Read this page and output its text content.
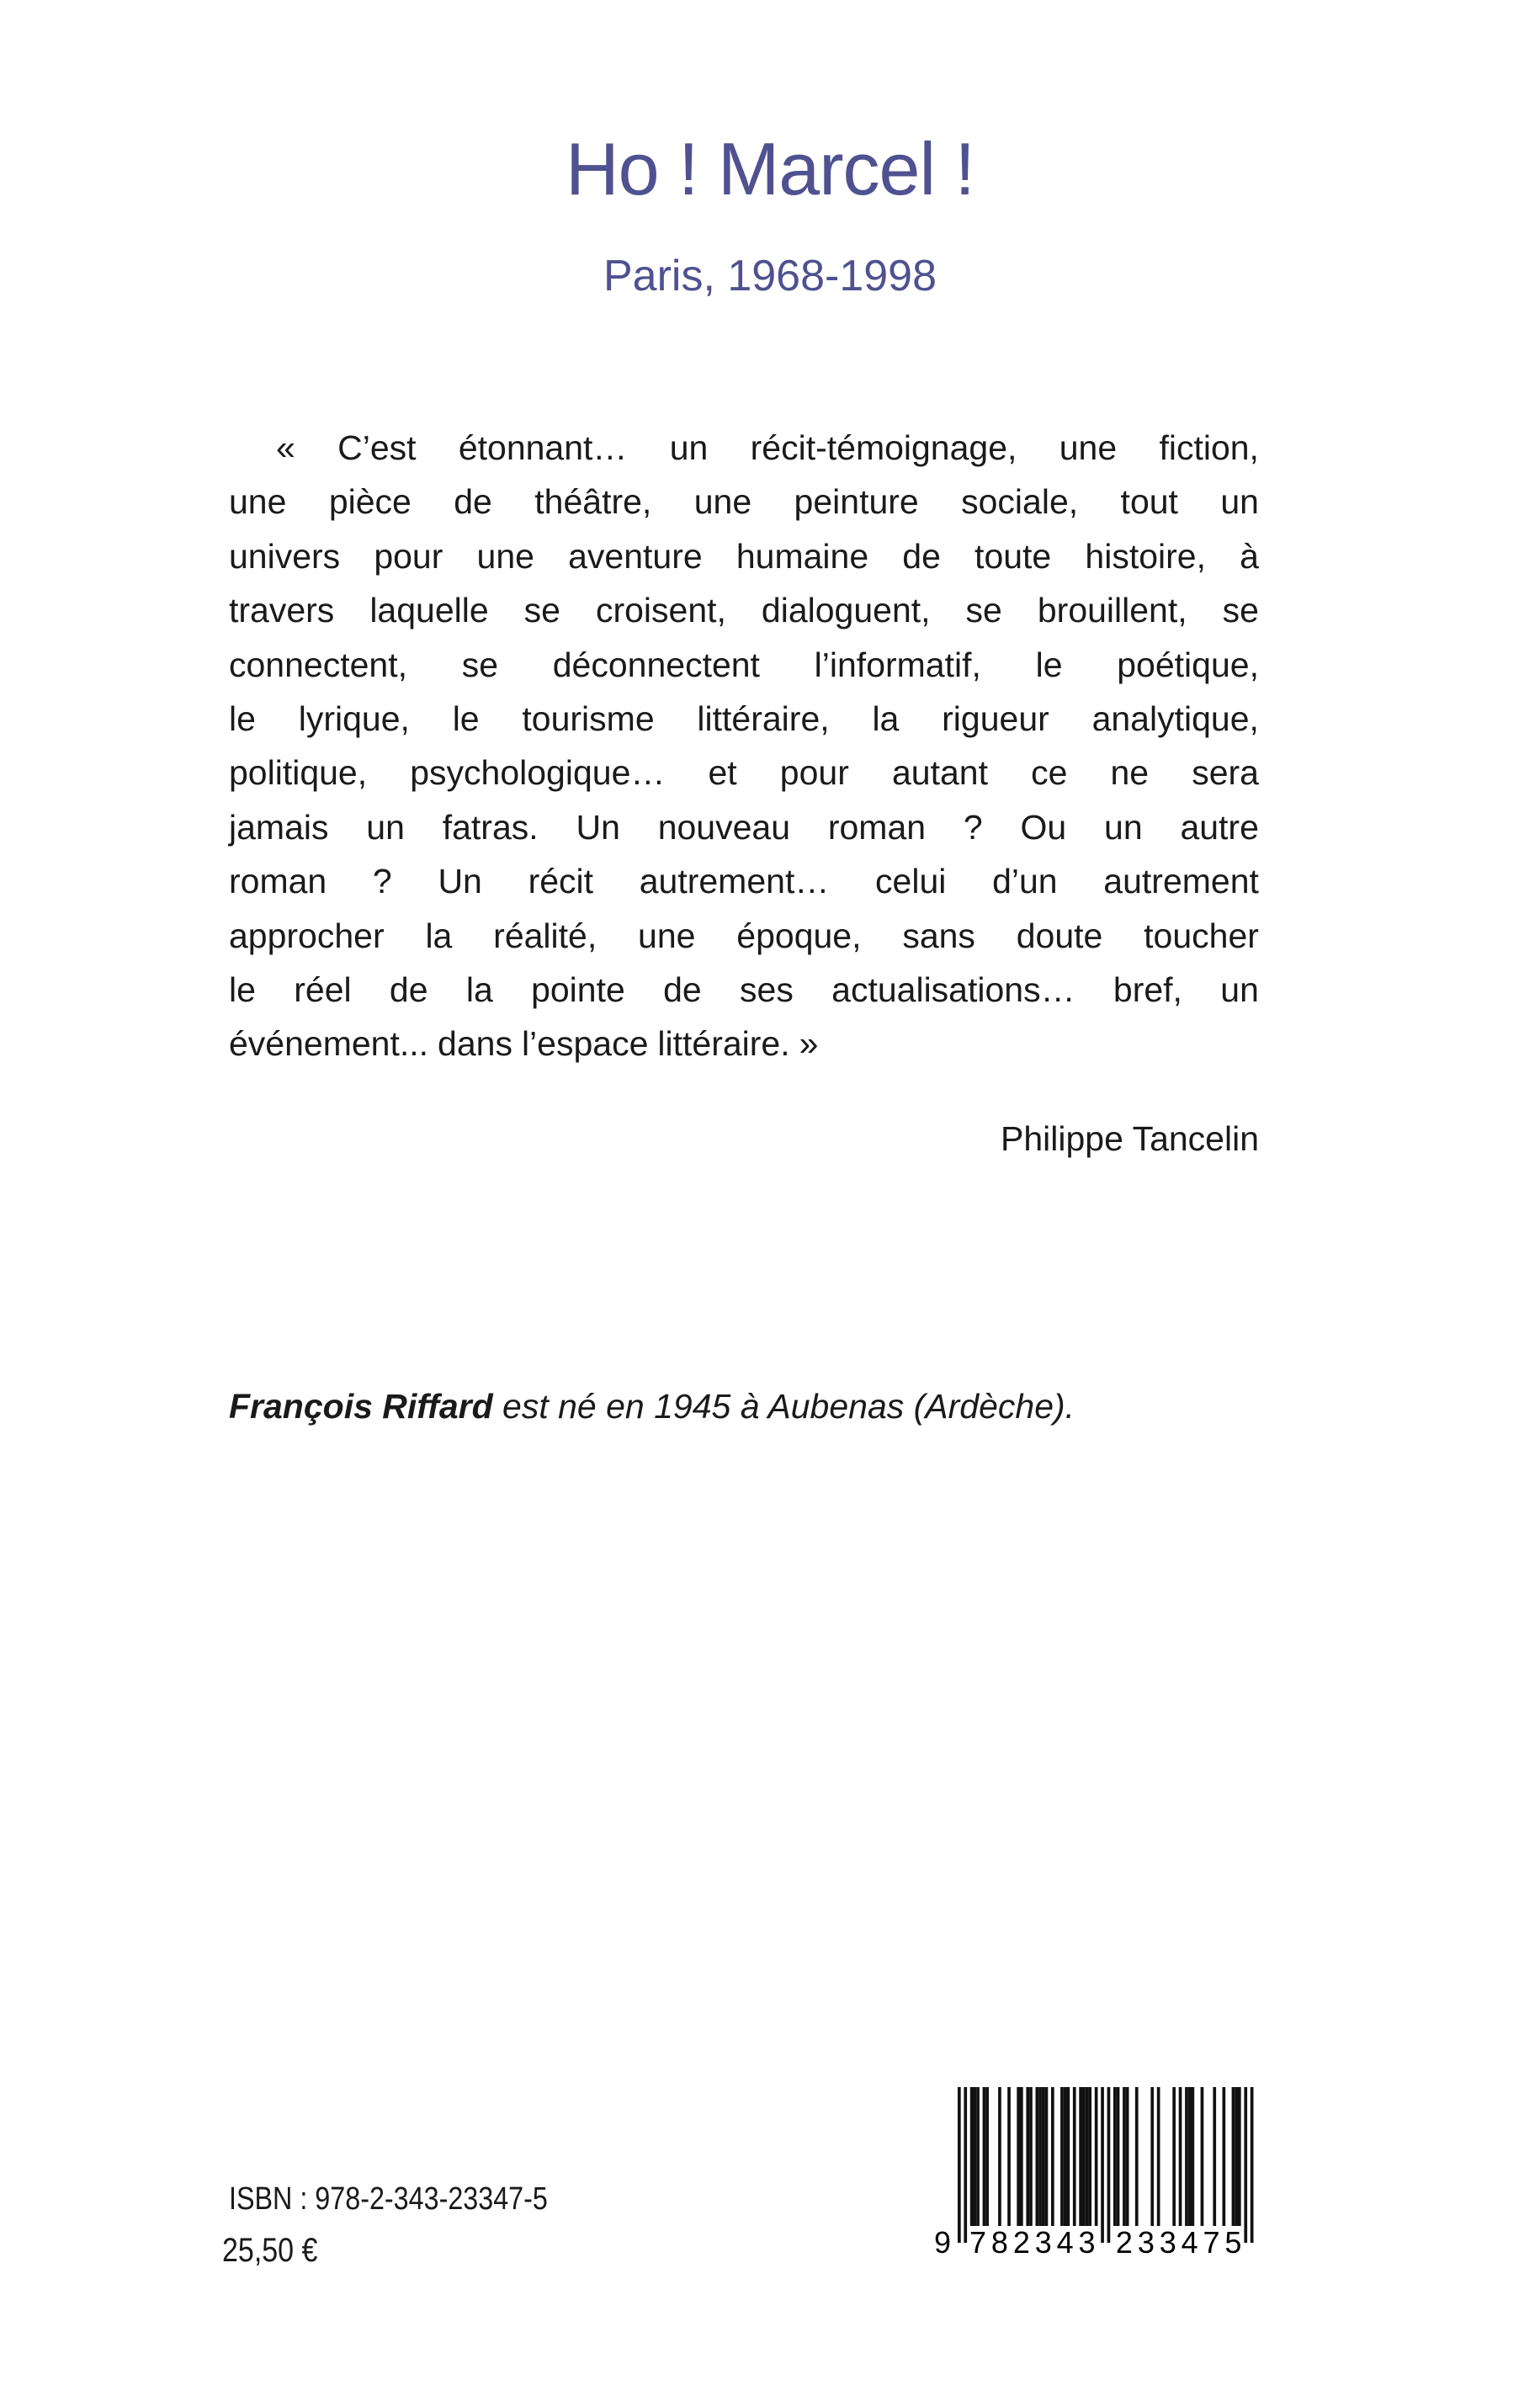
Ho ! Marcel !
Paris, 1968-1998
« C’est étonnant… un récit-témoignage, une fiction,
une pièce de théâtre, une peinture sociale, tout un
univers pour une aventure humaine de toute histoire, à
travers laquelle se croisent, dialoguent, se brouillent, se
connectent, se déconnectent l’informatif, le poétique,
le lyrique, le tourisme littéraire, la rigueur analytique,
politique, psychologique… et pour autant ce ne sera
jamais un fatras. Un nouveau roman ? Ou un autre
roman ? Un récit autrement… celui d’un autrement
approcher la réalité, une époque, sans doute toucher
le réel de la pointe de ses actualisations… bref, un
événement... dans l’espace littéraire. »
Philippe Tancelin
François Riffard est né en 1945 à Aubenas (Ardèche).
ISBN : 978-2-343-23347-5
25,50 €	9 7 8 2 3 4 3 2 3 3 4 7 5
